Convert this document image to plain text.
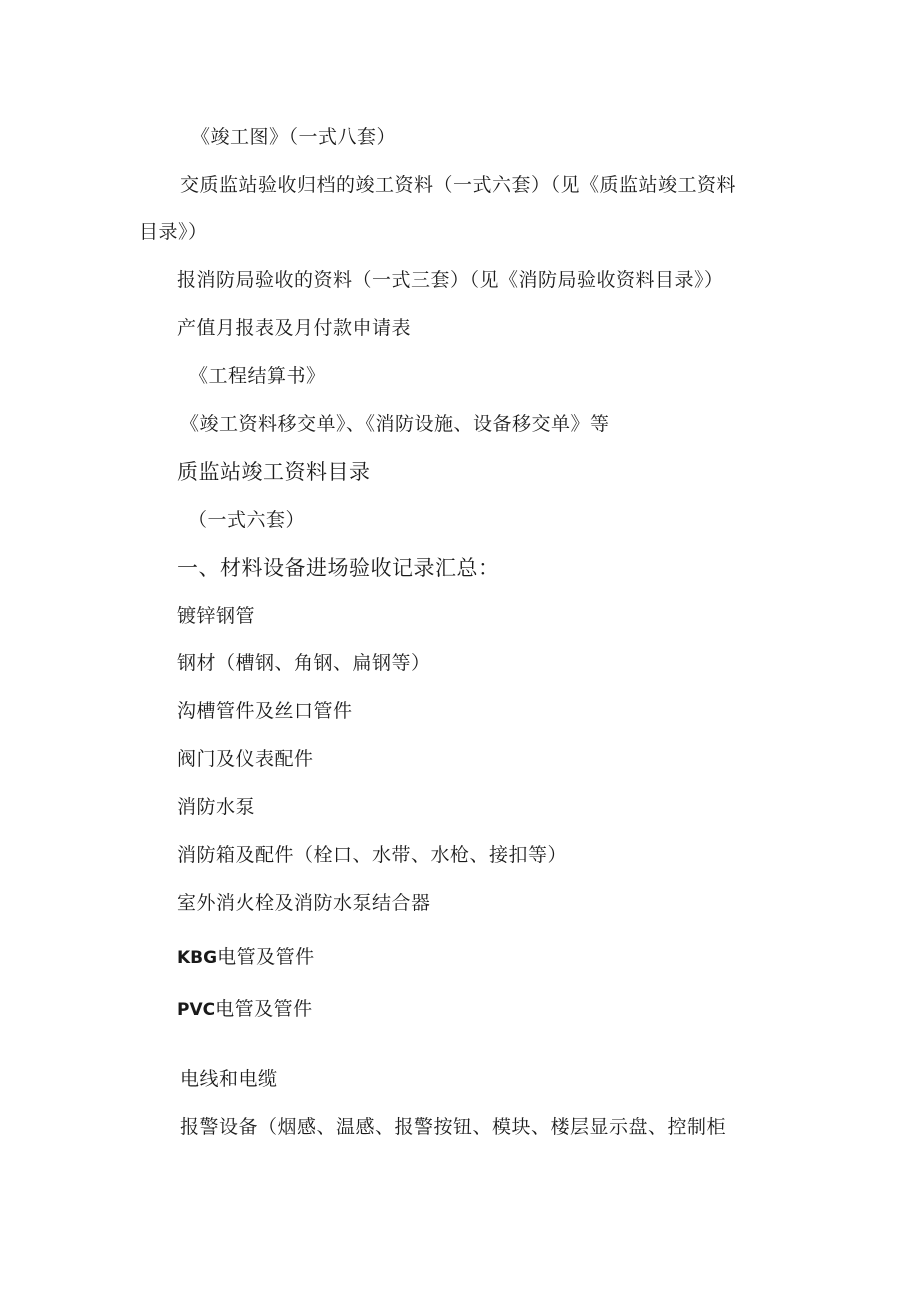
《竣工图》（一式八套）
交质监站验收归档的竣工资料（一式六套）（见《质监站竣工资料
目录》）
报消防局验收的资料（一式三套）（见《消防局验收资料目录》）
产值月报表及月付款申请表
《工程结算书》
《竣工资料移交单》、《消防设施、设备移交单》等
质监站竣工资料目录
（一式六套）
一、材料设备进场验收记录汇总：
镀锌钢管
钢材（槽钢、角钢、扁钢等）
沟槽管件及丝口管件
阀门及仪表配件
消防水泵
消防箱及配件（栓口、水带、水枪、接扣等）
室外消火栓及消防水泵结合器
KBG电管及管件
PVC电管及管件
电线和电缆
报警设备（烟感、温感、报警按钮、模块、楼层显示盘、控制柜
